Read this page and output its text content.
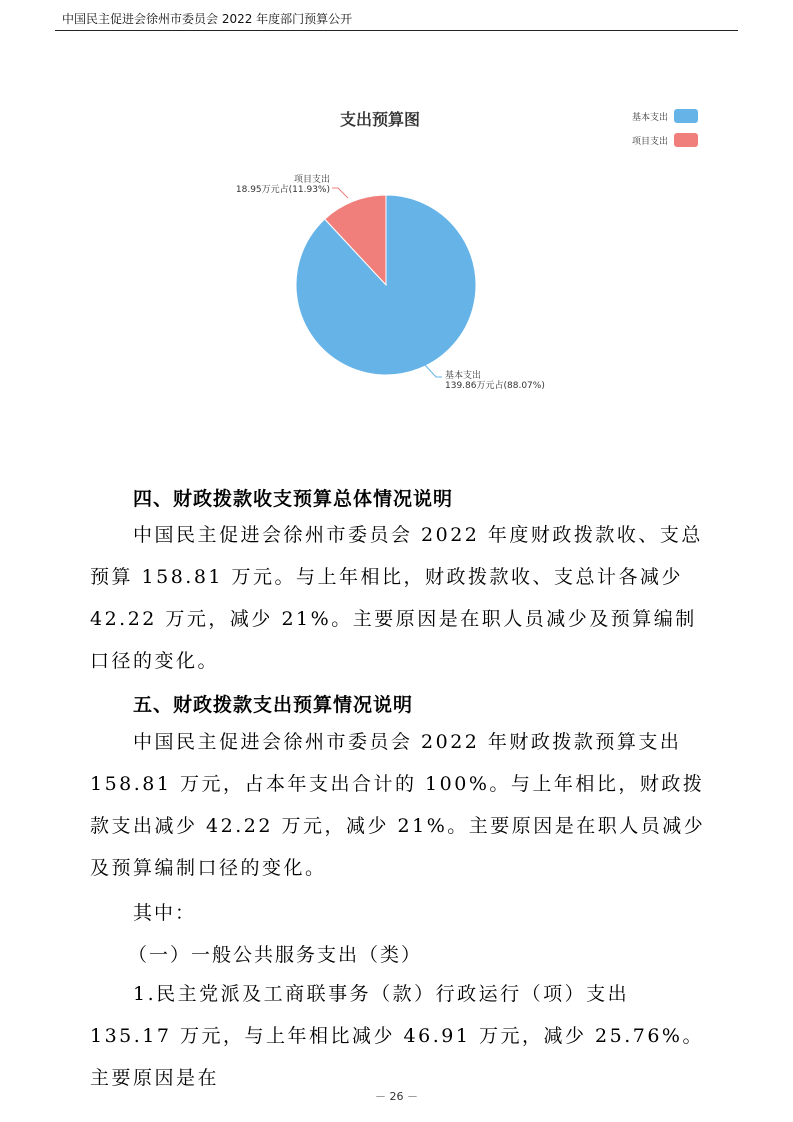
中国民主促进会徐州市委员会 2022 年度部门预算公开
支出预算图	基本支出
项目支出
项目支出
18.95万元占(11.93%)
基本支出
139.86万元占(88.07%)
四、财政拨款收支预算总体情况说明

中国民主促进会徐州市委员会 2022 年度财政拨款收、支总预算 158.81 万元。与上年相比，财政拨款收、支总计各减少 42.22 万元，减少 21%。主要原因是在职人员减少及预算编制口径的变化。

五、财政拨款支出预算情况说明

中国民主促进会徐州市委员会 2022 年财政拨款预算支出 158.81 万元，占本年支出合计的 100%。与上年相比，财政拨款支出减少 42.22 万元，减少 21%。主要原因是在职人员减少及预算编制口径的变化。

其中：
（一）一般公共服务支出（类）

1.民主党派及工商联事务（款）行政运行（项）支出 135.17 万元，与上年相比减少 46.91 万元，减少 25.76%。主要原因是在

－ 26 －
